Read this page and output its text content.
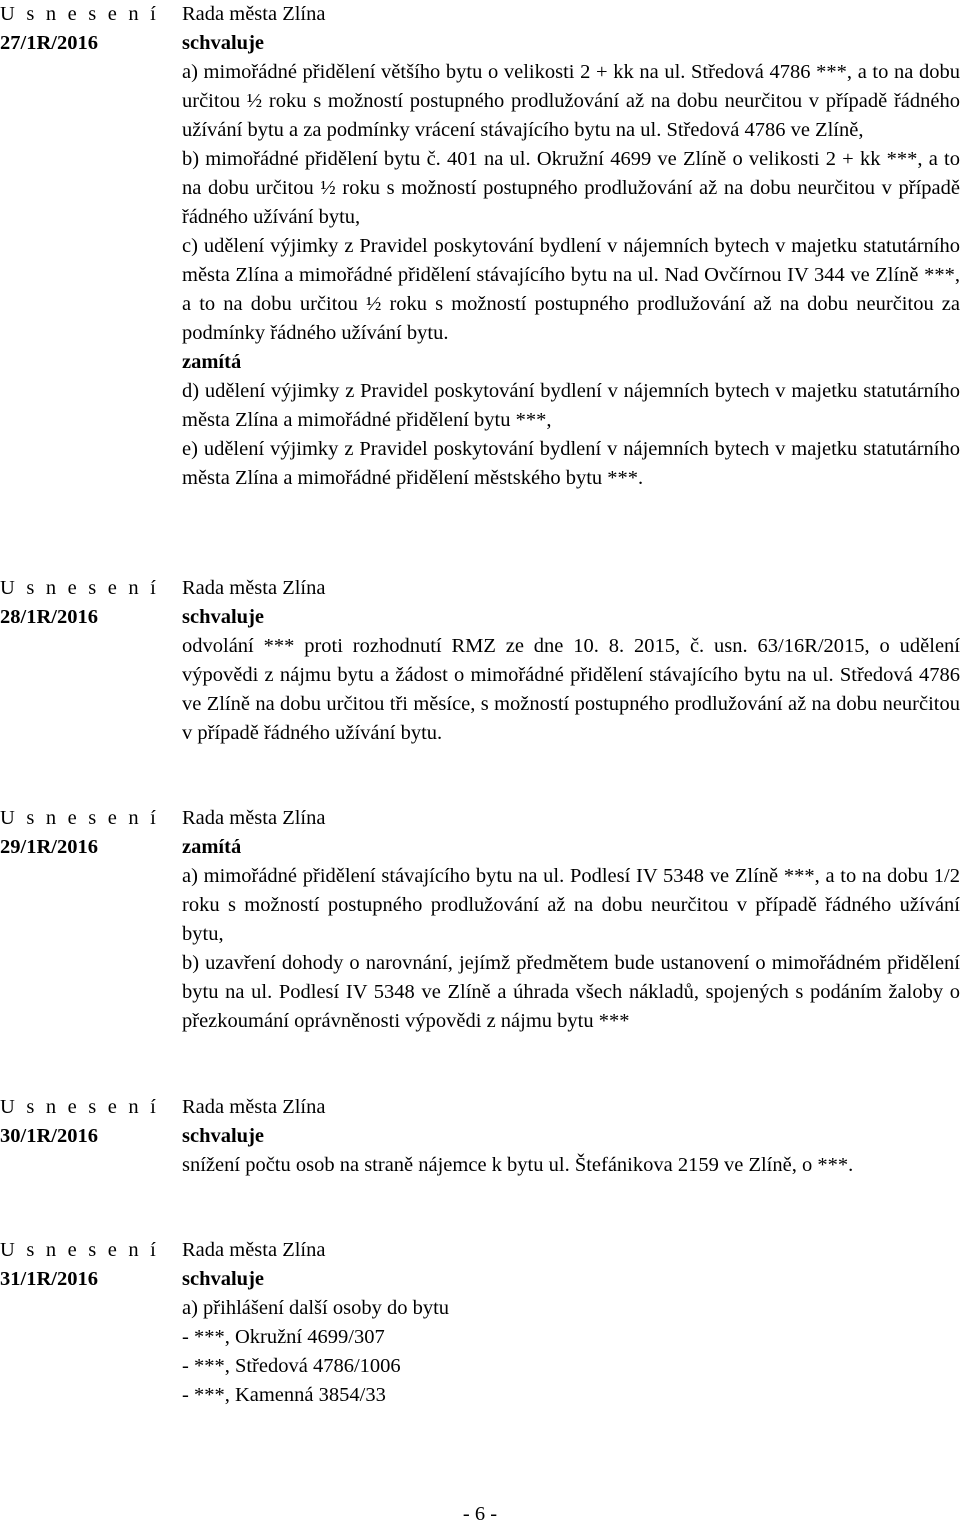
U s n e s e n í
27/1R/2016
Rada města Zlína
schvaluje

a) mimořádné přidělení většího bytu o velikosti 2 + kk na ul. Středová 4786 ***, a to na dobu určitou ½ roku s možností postupného prodlužování až na dobu neurčitou v případě řádného užívání bytu a za podmínky vrácení stávajícího bytu na ul. Středová 4786 ve Zlíně,

b) mimořádné přidělení bytu č. 401 na ul. Okružní 4699 ve Zlíně o velikosti 2 + kk ***, a to na dobu určitou ½ roku s možností postupného prodlužování až na dobu neurčitou v případě řádného užívání bytu,

c) udělení výjimky z Pravidel poskytování bydlení v nájemních bytech v majetku statutárního města Zlína a mimořádné přidělení stávajícího bytu na ul. Nad Ovčírnou IV 344 ve Zlíně ***, a to na dobu určitou ½ roku s možností postupného prodlužování až na dobu neurčitou za podmínky řádného užívání bytu.

zamítá

d) udělení výjimky z Pravidel poskytování bydlení v nájemních bytech v majetku statutárního města Zlína a mimořádné přidělení bytu ***,

e) udělení výjimky z Pravidel poskytování bydlení v nájemních bytech v majetku statutárního města Zlína a mimořádné přidělení městského bytu ***.

U s n e s e n í
28/1R/2016
Rada města Zlína
schvaluje

odvolání *** proti rozhodnutí RMZ ze dne 10. 8. 2015, č. usn. 63/16R/2015, o udělení výpovědi z nájmu bytu a žádost o mimořádné přidělení stávajícího bytu na ul. Středová 4786 ve Zlíně na dobu určitou tři měsíce, s možností postupného prodlužování až na dobu neurčitou v případě řádného užívání bytu.

U s n e s e n í
29/1R/2016
Rada města Zlína
zamítá

a) mimořádné přidělení stávajícího bytu na ul. Podlesí IV 5348 ve Zlíně ***, a to na dobu 1/2 roku s možností postupného prodlužování až na dobu neurčitou v případě řádného užívání bytu,

b) uzavření dohody o narovnání, jejímž předmětem bude ustanovení o mimořádném přidělení bytu na ul. Podlesí IV 5348 ve Zlíně a úhrada všech nákladů, spojených s podáním žaloby o přezkoumání oprávněnosti výpovědi z nájmu bytu ***

U s n e s e n í
30/1R/2016
Rada města Zlína
schvaluje

snížení počtu osob na straně nájemce k bytu ul. Štefánikova 2159 ve Zlíně, o ***.

U s n e s e n í
31/1R/2016
Rada města Zlína
schvaluje

a) přihlášení další osoby do bytu

- ***, Okružní 4699/307

- ***, Středová 4786/1006

- ***, Kamenná 3854/33

- 6 -
